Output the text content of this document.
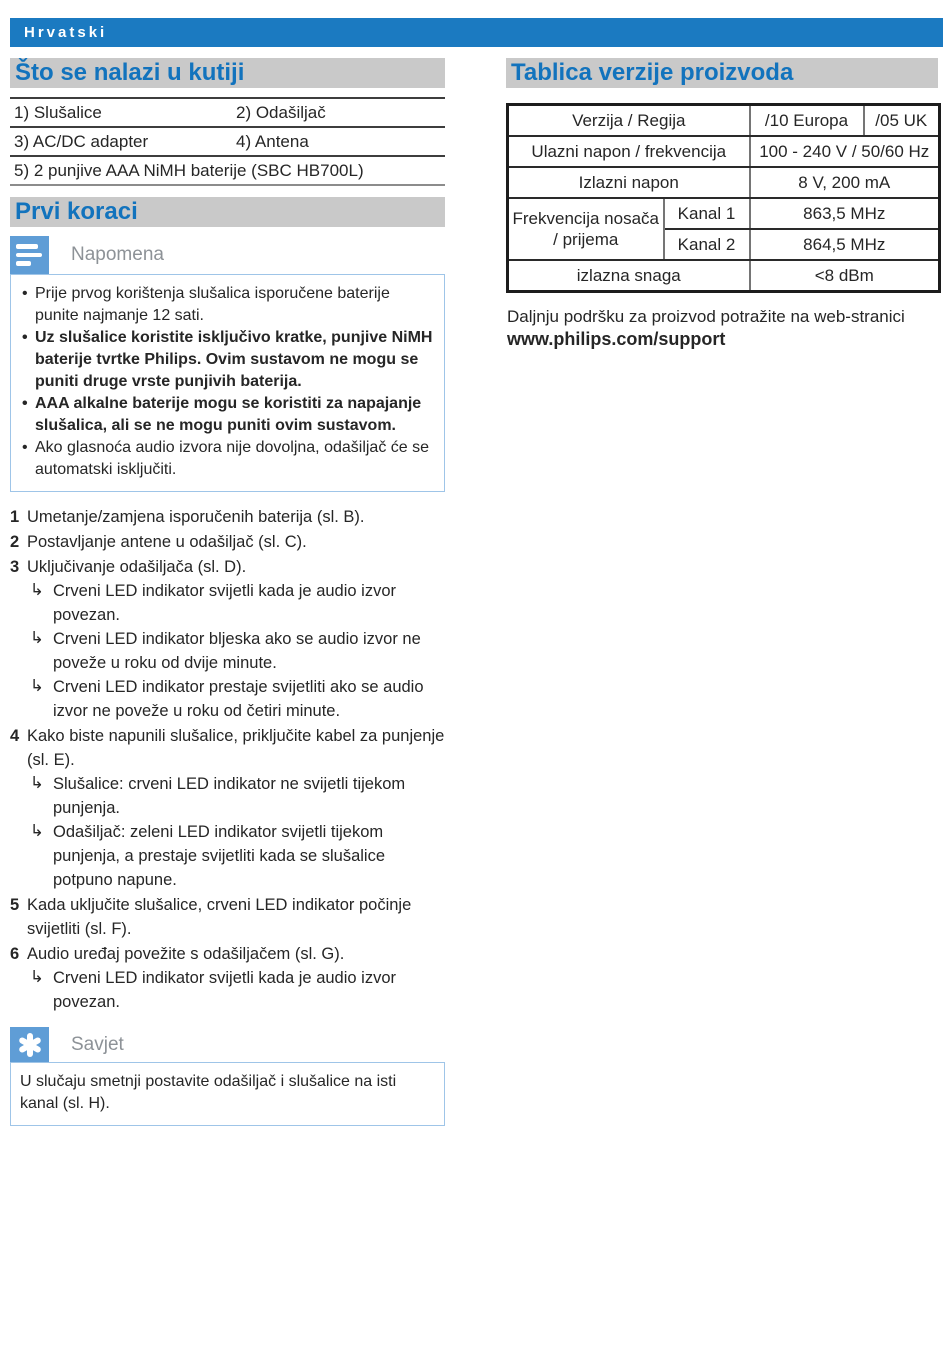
Hrvatski
Što se nalazi u kutiji
1) Slušalice	2) Odašiljač
3) AC/DC adapter	4) Antena
5) 2 punjive AAA NiMH baterije (SBC HB700L)
Prvi koraci
Napomena
• Prije prvog korištenja slušalica isporučene baterije punite najmanje 12 sati.
• Uz slušalice koristite isključivo kratke, punjive NiMH baterije tvrtke Philips. Ovim sustavom ne mogu se puniti druge vrste punjivih baterija.
• AAA alkalne baterije mogu se koristiti za napajanje slušalica, ali se ne mogu puniti ovim sustavom.
• Ako glasnoća audio izvora nije dovoljna, odašiljač će se automatski isključiti.
1 Umetanje/zamjena isporučenih baterija (sl. B).
2 Postavljanje antene u odašiljač (sl. C).
3 Uključivanje odašiljača (sl. D).
↳ Crveni LED indikator svijetli kada je audio izvor povezan.
↳ Crveni LED indikator bljeska ako se audio izvor ne poveže u roku od dvije minute.
↳ Crveni LED indikator prestaje svijetliti ako se audio izvor ne poveže u roku od četiri minute.
4 Kako biste napunili slušalice, priključite kabel za punjenje (sl. E).
↳ Slušalice: crveni LED indikator ne svijetli tijekom punjenja.
↳ Odašiljač: zeleni LED indikator svijetli tijekom punjenja, a prestaje svijetliti kada se slušalice potpuno napune.
5 Kada uključite slušalice, crveni LED indikator počinje svijetliti (sl. F).
6 Audio uređaj povežite s odašiljačem (sl. G).
↳ Crveni LED indikator svijetli kada je audio izvor povezan.
Savjet

U slučaju smetnji postavite odašiljač i slušalice na isti kanal (sl. H).

Tablica verzije proizvoda
Verzija / Regija		/10 Europa	/05 UK
Ulazni napon / frekvencija		100 - 240 V / 50/60 Hz	
Izlazni napon		8 V, 200 mA	
Frekvencija nosača
/ prijema	Kanal 1	863,5 MHz	
	Kanal 2	864,5 MHz	
izlazna snaga		<8 dBm	

Daljnju podršku za proizvod potražite na web-stranici
www.philips.com/support
